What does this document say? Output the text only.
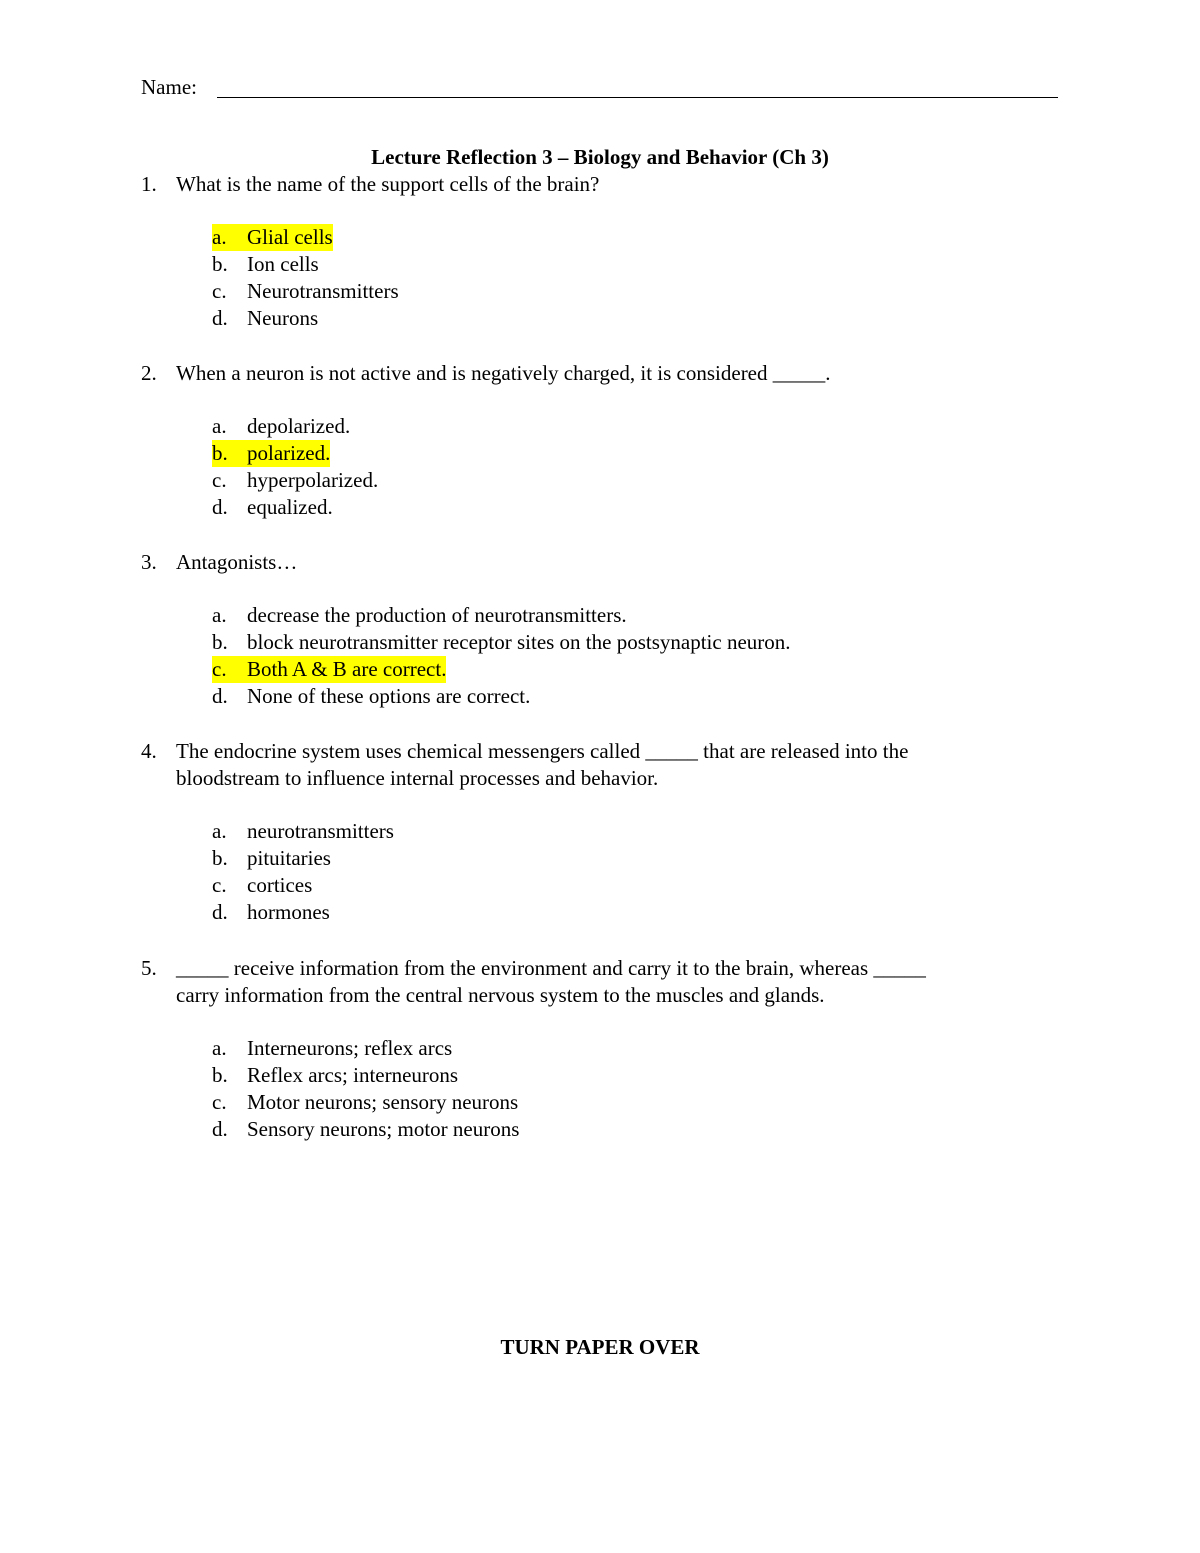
Name:
Lecture Reflection 3 – Biology and Behavior (Ch 3)
1. What is the name of the support cells of the brain?
a. Glial cells
b. Ion cells
c. Neurotransmitters
d. Neurons
2. When a neuron is not active and is negatively charged, it is considered _____.
a. depolarized.
b. polarized.
c. hyperpolarized.
d. equalized.
3. Antagonists…
a. decrease the production of neurotransmitters.
b. block neurotransmitter receptor sites on the postsynaptic neuron.
c. Both A & B are correct.
d. None of these options are correct.
4. The endocrine system uses chemical messengers called _____ that are released into the
bloodstream to influence internal processes and behavior.
a. neurotransmitters
b. pituitaries
c. cortices
d. hormones
5. _____ receive information from the environment and carry it to the brain, whereas _____
carry information from the central nervous system to the muscles and glands.
a. Interneurons; reflex arcs
b. Reflex arcs; interneurons
c. Motor neurons; sensory neurons
d. Sensory neurons; motor neurons
TURN PAPER OVER
